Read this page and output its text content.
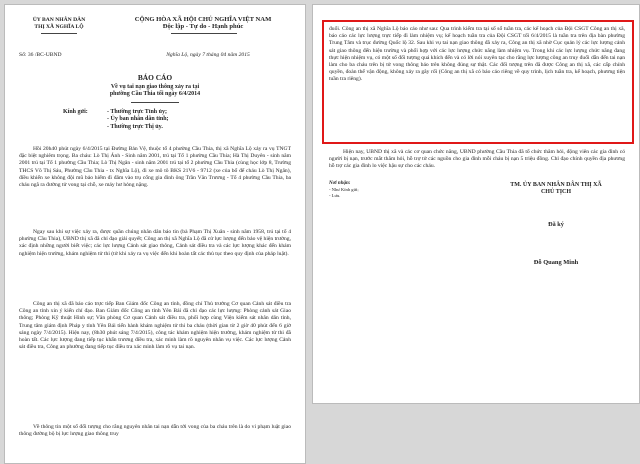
ỦY BAN NHÂN DÂN
THỊ XÃ NGHĨA LỘ
CỘNG HÒA XÃ HỘI CHỦ NGHĨA VIỆT NAM
Độc lập - Tự do - Hạnh phúc
Số: 36 /BC-UBND	Nghĩa Lộ, ngày 7 tháng 04 năm 2015
BÁO CÁO
Về vụ tai nạn giao thông xảy ra tại
phường Cầu Thia tối ngày 6/4/2014
Kính gửi:	- Thường trực Tỉnh ủy;
- Ủy ban nhân dân tỉnh;
- Thường trực Thị ủy.
Hồi 20h40 phút ngày 6/4/2015 tại Đường Bản Vệ, thuộc tổ 4 phường Cầu Thia, thị xã Nghĩa Lộ xảy ra vụ TNGT đặc biệt nghiêm trọng. Ba cháu: Lò Thị Ánh - Sinh năm 2001, trú tại Tổ 1 phường Cầu Thia; Hà Thị Duyên - sinh năm 2001 trú tại Tổ 1 phường Cầu Thia; Lò Thị Ngân - sinh năm 2001 trú tại tổ 2 phường Cầu Thia (cùng học lớp 8, Trường THCS Võ Thị Sáu, Phường Cầu Thia - tx Nghĩa Lộ), đi xe mô tô BKS 21V6 - 9712 (xe của bố để cháu Lò Thị Ngân), điều khiển xe không đội mũ bảo hiểm đi đâm vào trụ cổng gia đình ông Trần Văn Trương - Tổ 4 phường Cầu Thia, ba cháu ngã ra đường tử vong tại chỗ, xe máy hư hỏng nặng.
Ngay sau khi sự việc xảy ra, được quần chúng nhân dân báo tin (bà Phạm Thị Xuân - sinh năm 1958, trú tại tổ 4 phường Cầu Thia), UBND thị xã đã chỉ đạo giải quyết; Công an thị xã Nghĩa Lộ đã cử lực lượng đến bảo vệ hiện trường, xác định những người biết việc; các lực lượng Cảnh sát giao thông, Cảnh sát điều tra và các lực lượng khác đến khám nghiệm hiện trường, khám nghiệm tử thi (tử khi xảy ra vụ việc đến khi hoàn tất các thủ tục theo quy định của pháp luật).
Công an thị xã đã báo cáo trực tiếp Ban Giám đốc Công an tỉnh, đồng chí Thủ trưởng Cơ quan Cảnh sát điều tra Công an tỉnh xin ý kiến chỉ đạo. Ban Giám đốc Công an tỉnh Yên Bái đã chỉ đạo các lực lượng: Phòng cảnh sát Giao thông; Phòng Kỹ thuật Hình sự; Văn phòng Cơ quan Cảnh sát điều tra, phối hợp cùng Viện kiểm sát nhân dân tỉnh, Trung tâm giám định Pháp y tỉnh Yên Bái tiến hành khám nghiệm tử thi ba cháu (thời gian từ 2 giờ 40 phút đến 6 giờ sáng ngày 7/4/2015). Hiện nay, (8h30 phút sáng 7/4/2015), công tác khám nghiệm hiện trường, khám nghiệm tử thi đã hoàn tất. Các lực lượng đang tiếp tục khẩn trương điều tra, xác minh làm rõ nguyên nhân vụ việc. Các lực lượng Cảnh sát điều tra, Công an phường đang tiếp tục điều tra xác minh làm rõ vụ tai nạn.
Về thông tin một số đối tượng cho rằng nguyên nhân tai nạn dẫn tới vong của ba cháu trên là do vi phạm luật giao thông đường bộ bị lực lượng giao thông truy
đuổi. Công an thị xã Nghĩa Lộ báo cáo như sau: Qua trình kiểm tra tại số sổ tuần tra, các kế hoạch của Đội CSGT Công an thị xã, báo cáo các lực lượng trực tiếp đi làm nhiệm vụ; kế hoạch tuần tra của Đội CSGT tối 6/4/2015 là tuần tra trên địa bàn phường Trung Tâm và trục đường Quốc lộ 32. Sau khi vụ tai nạn giao thông đã xảy ra, Công an thị xã nhờ Cục quản lý các lực lượng cảnh sát giao thông đến hiện trường và phối hợp với các lực lượng chức năng làm nhiệm vụ. Trong khi các lực lượng chức năng đang thực hiện nhiệm vụ, có một số đối tượng quá khích đến và có lời nói xuyên tạc cho rằng lực lượng công an truy đuổi dẫn đến tai nạn làm cho ba cháu trên bị tử vong thông báo trên không đúng sự thật. Các đối tượng trên đã được Công an thị xã, các cấp chính quyền, đoàn thể vận động, không xảy ra gây rối (Công an thị xã có báo cáo riêng về quy trình, lịch tuần tra, kế hoạch, phương tiện tuần tra riêng).
Hiện nay, UBND thị xã và các cơ quan chức năng, UBND phường Cầu Thia đã tổ chức thăm hỏi, động viên các gia đình có người bị nạn, trước mắt thăm hỏi, hỗ trợ tử các nguồn cho gia đình mỗi cháu bị nạn 5 triệu đồng. Chỉ đạo chính quyền địa phương hỗ trợ các gia đình lo việc hậu sự cho các cháu.
Nơi nhận:
- Như Kính gửi;
- Lưu.
TM. ỦY BAN NHÂN DÂN THỊ XÃ
CHỦ TỊCH
Đã ký
Đỗ Quang Minh
